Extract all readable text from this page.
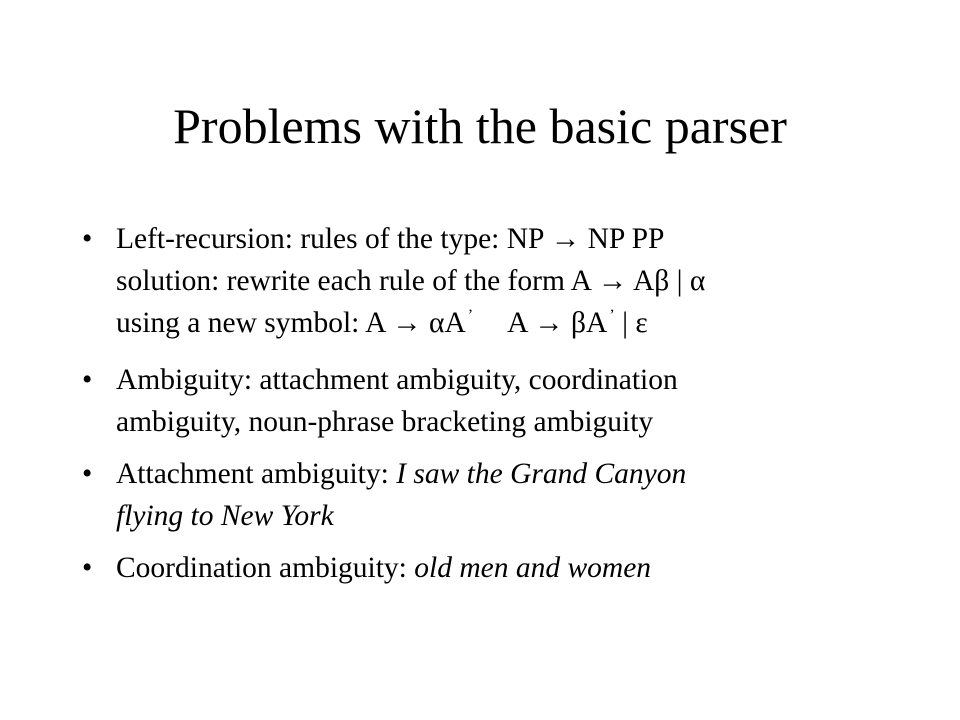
Problems with the basic parser
• Left-recursion: rules of the type: NP → NP PP
solution: rewrite each rule of the form A → Aβ | α
using a new symbol: A → αA ’ A → βA ’ | ε
• Ambiguity: attachment ambiguity, coordination
ambiguity, noun-phrase bracketing ambiguity
• Attachment ambiguity: I saw the Grand Canyon
flying to New York
• Coordination ambiguity: old men and women
